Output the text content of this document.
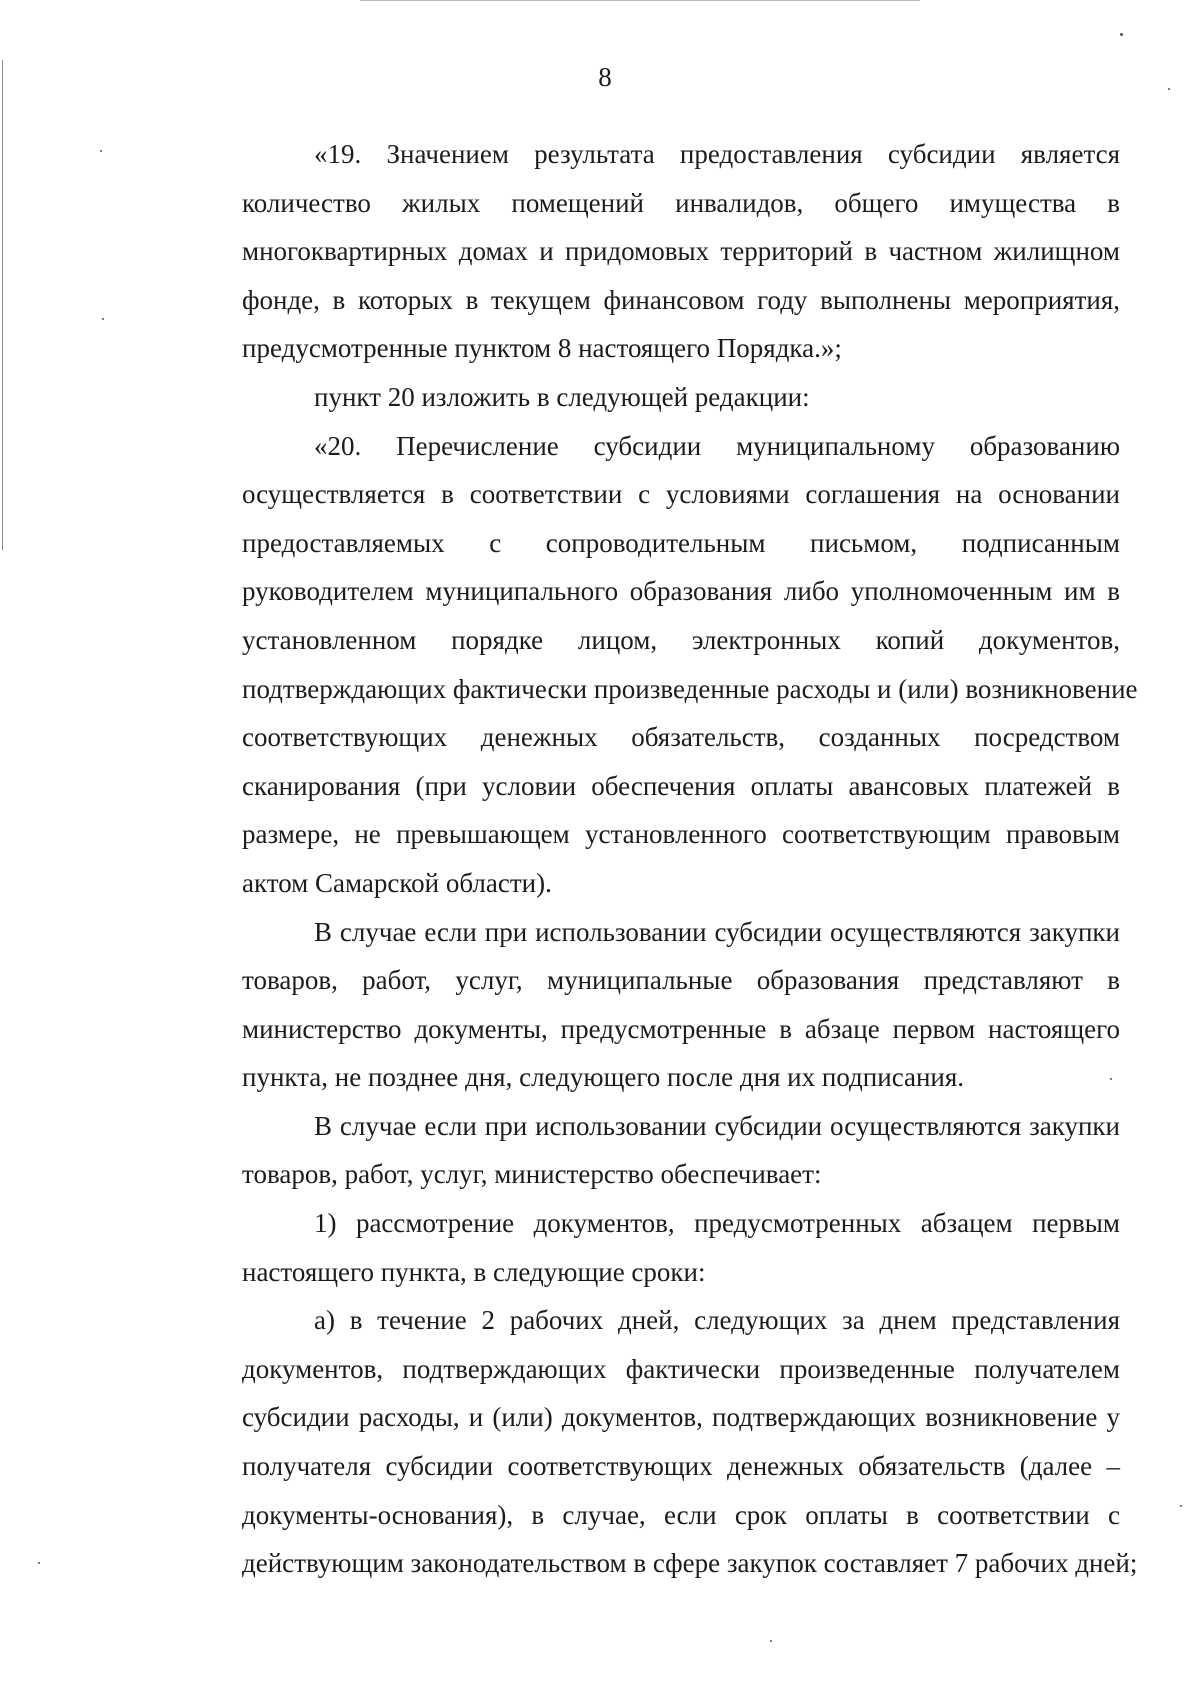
8
«19. Значением результата предоставления субсидии является
количество жилых помещений инвалидов, общего имущества в
многоквартирных домах и придомовых территорий в частном жилищном
фонде, в которых в текущем финансовом году выполнены мероприятия,
предусмотренные пунктом 8 настоящего Порядка.»;
пункт 20 изложить в следующей редакции:
«20. Перечисление субсидии муниципальному образованию
осуществляется в соответствии с условиями соглашения на основании
предоставляемых с сопроводительным письмом, подписанным
руководителем муниципального образования либо уполномоченным им в
установленном порядке лицом, электронных копий документов,
подтверждающих фактически произведенные расходы и (или) возникновение
соответствующих денежных обязательств, созданных посредством
сканирования (при условии обеспечения оплаты авансовых платежей в
размере, не превышающем установленного соответствующим правовым
актом Самарской области).
В случае если при использовании субсидии осуществляются закупки
товаров, работ, услуг, муниципальные образования представляют в
министерство документы, предусмотренные в абзаце первом настоящего
пункта, не позднее дня, следующего после дня их подписания.
В случае если при использовании субсидии осуществляются закупки
товаров, работ, услуг, министерство обеспечивает:
1) рассмотрение документов, предусмотренных абзацем первым
настоящего пункта, в следующие сроки:
а) в течение 2 рабочих дней, следующих за днем представления
документов, подтверждающих фактически произведенные получателем
субсидии расходы, и (или) документов, подтверждающих возникновение у
получателя субсидии соответствующих денежных обязательств (далее –
документы-основания), в случае, если срок оплаты в соответствии с
действующим законодательством в сфере закупок составляет 7 рабочих дней;
